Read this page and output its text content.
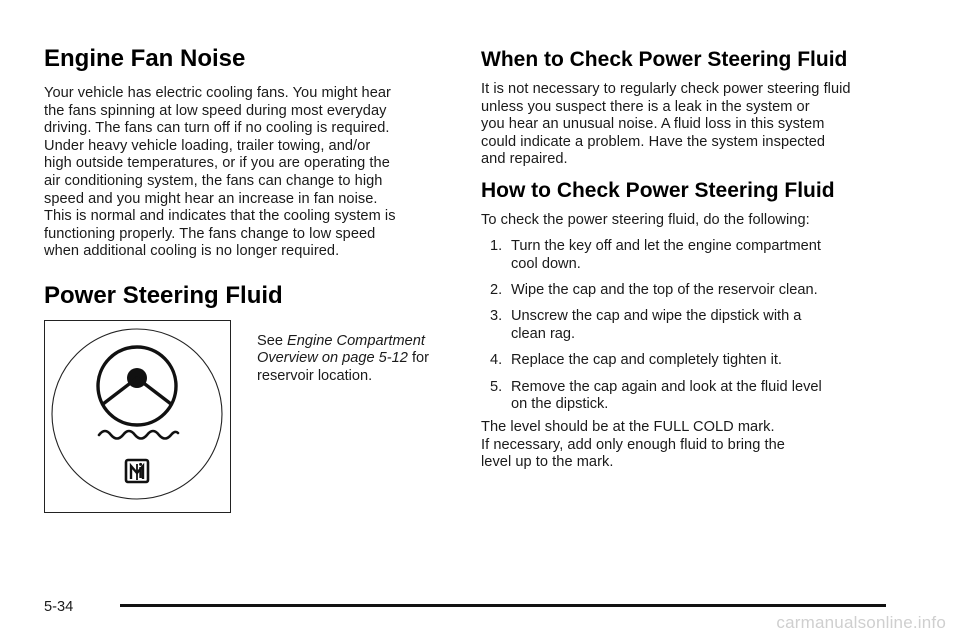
Engine Fan Noise

Your vehicle has electric cooling fans. You might hear
the fans spinning at low speed during most everyday
driving. The fans can turn off if no cooling is required.
Under heavy vehicle loading, trailer towing, and/or
high outside temperatures, or if you are operating the
air conditioning system, the fans can change to high
speed and you might hear an increase in fan noise.
This is normal and indicates that the cooling system is
functioning properly. The fans change to low speed
when additional cooling is no longer required.

Power Steering Fluid

See Engine Compartment Overview on page 5-12 for reservoir location.

When to Check Power Steering Fluid

It is not necessary to regularly check power steering fluid
unless you suspect there is a leak in the system or
you hear an unusual noise. A fluid loss in this system
could indicate a problem. Have the system inspected
and repaired.

How to Check Power Steering Fluid

To check the power steering fluid, do the following:

1. Turn the key off and let the engine compartment
cool down.
2. Wipe the cap and the top of the reservoir clean.
3. Unscrew the cap and wipe the dipstick with a
clean rag.
4. Replace the cap and completely tighten it.
5. Remove the cap again and look at the fluid level
on the dipstick.

The level should be at the FULL COLD mark.
If necessary, add only enough fluid to bring the
level up to the mark.

5-34
carmanualsonline.info
